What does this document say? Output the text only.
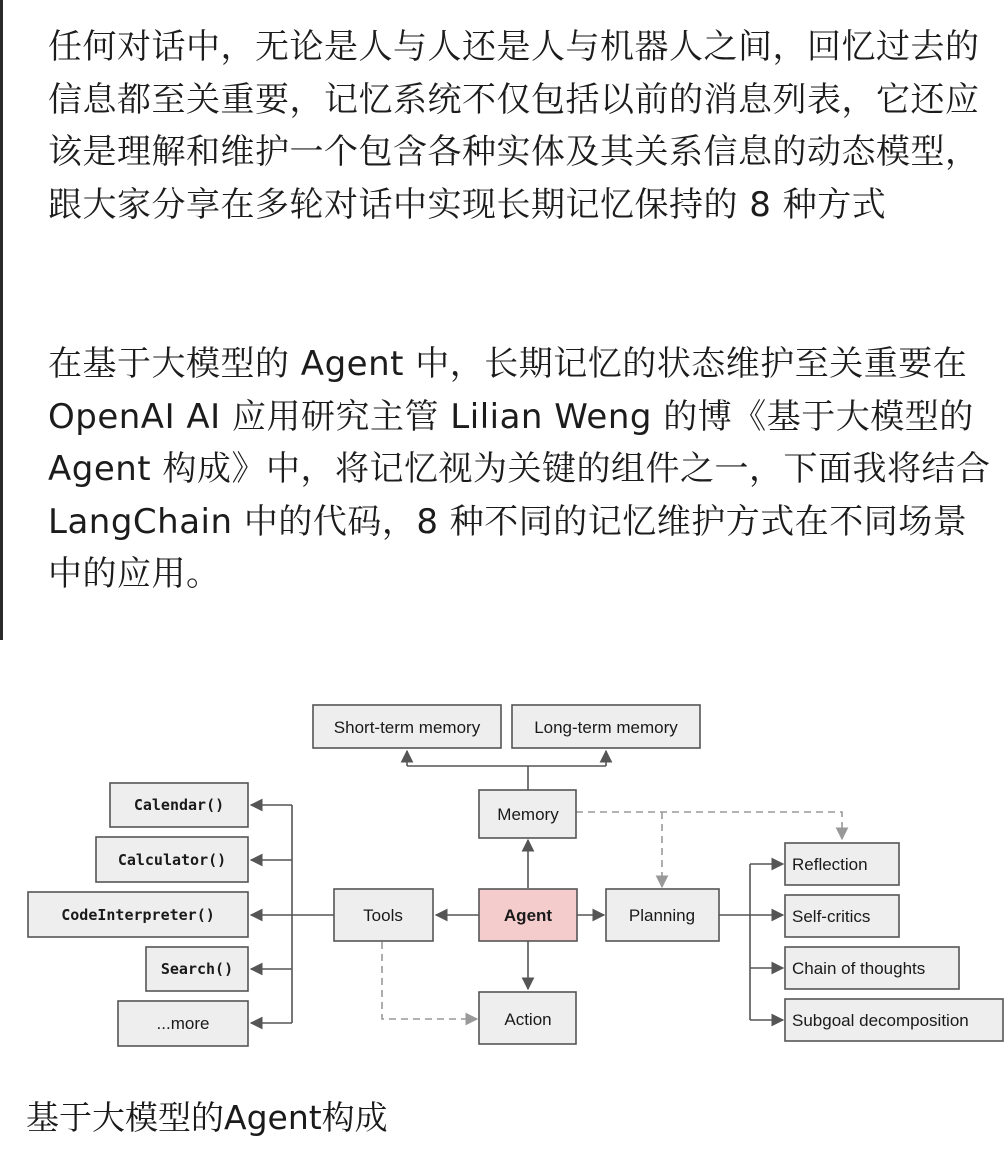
任何对话中，无论是人与人还是人与机器人之间，回忆过去的信息都至关重要，记忆系统不仅包括以前的消息列表，它还应该是理解和维护一个包含各种实体及其关系信息的动态模型，跟大家分享在多轮对话中实现长期记忆保持的 8 种方式

在基于大模型的 Agent 中，长期记忆的状态维护至关重要在 OpenAI AI 应用研究主管 Lilian Weng 的博《基于大模型的 Agent 构成》中，将记忆视为关键的组件之一，下面我将结合 LangChain 中的代码，8 种不同的记忆维护方式在不同场景中的应用。

Short-term memory	Long-term memory
Memory
Tools	Agent	Planning
Action
Calendar()
Calculator()
CodeInterpreter()
Search()
...more
Reflection
Self-critics
Chain of thoughts
Subgoal decomposition

基于大模型的Agent构成
